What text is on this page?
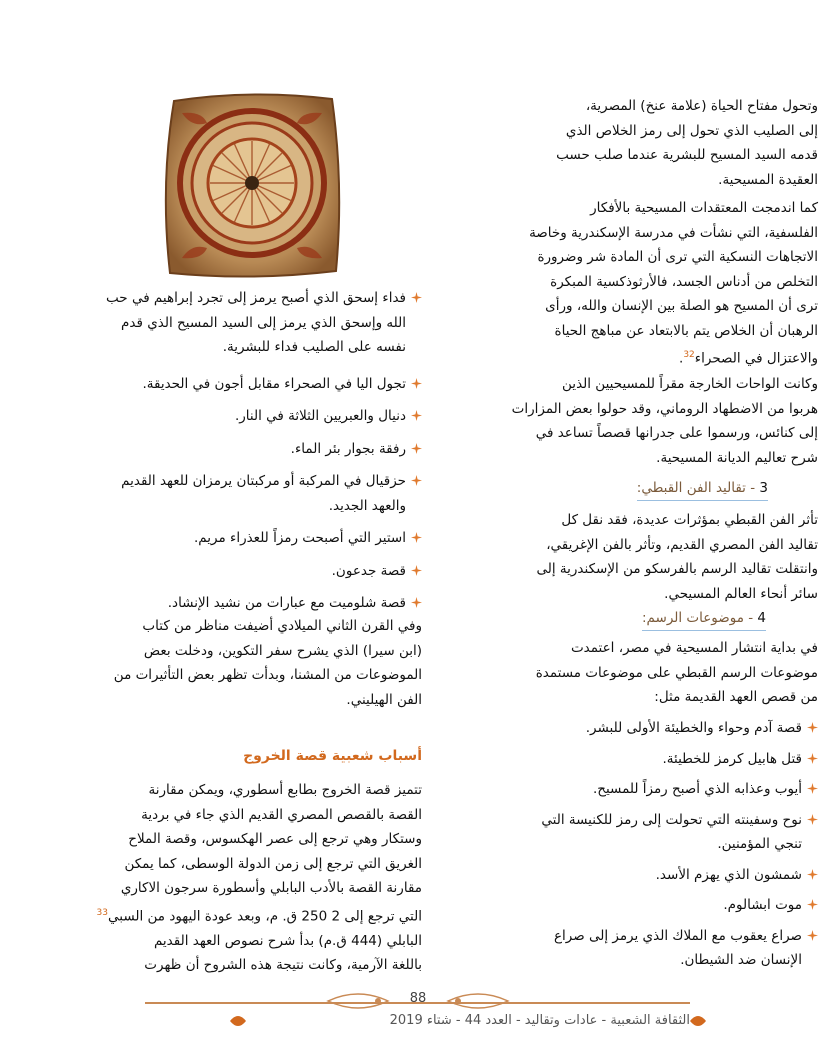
وتحول مفتاح الحياة (علامة عنخ) المصرية،
إلى الصليب الذي تحول إلى رمز الخلاص الذي
قدمه السيد المسيح للبشرية عندما صلب حسب
العقيدة المسيحية.
كما اندمجت المعتقدات المسيحية بالأفكار
الفلسفية، التي نشأت في مدرسة الإسكندرية وخاصة
الاتجاهات النسكية التي ترى أن المادة شر وضرورة
التخلص من أدناس الجسد، فالأرثوذكسية المبكرة
ترى أن المسيح هو الصلة بين الإنسان والله، ورأى
الرهبان أن الخلاص يتم بالابتعاد عن مباهج الحياة
والاعتزال في الصحراء$^{32}$.
وكانت الواحات الخارجة مقراً للمسيحيين الذين
هربوا من الاضطهاد الروماني، وقد حولوا بعض المزارات
إلى كنائس، ورسموا على جدرانها قصصاً تساعد في
شرح تعاليم الديانة المسيحية.
3 - تقاليد الفن القبطي:
تأثر الفن القبطي بمؤثرات عديدة، فقد نقل كل
تقاليد الفن المصري القديم، وتأثر بالفن الإغريقي،
وانتقلت تقاليد الرسم بالفرسكو من الإسكندرية إلى
سائر أنحاء العالم المسيحي.
4 - موضوعات الرسم:
في بداية انتشار المسيحية في مصر، اعتمدت
موضوعات الرسم القبطي على موضوعات مستمدة
من قصص العهد القديمة مثل:
قصة آدم وحواء والخطيئة الأولى للبشر.
قتل هابيل كرمز للخطيئة.
أيوب وعذابه الذي أصبح رمزاً للمسيح.
نوح وسفينته التي تحولت إلى رمز للكنيسة التي
تنجي المؤمنين.
شمشون الذي يهزم الأسد.
موت ابشالوم.
صراع يعقوب مع الملاك الذي يرمز إلى صراع
الإنسان ضد الشيطان.
فداء إسحق الذي أصبح يرمز إلى تجرد إبراهيم في حب
الله وإسحق الذي يرمز إلى السيد المسيح الذي قدم
نفسه على الصليب فداء للبشرية.
تجول اليا في الصحراء مقابل أجون في الحديقة.
دنيال والعبريين الثلاثة في النار.
رفقة بجوار بئر الماء.
حزقيال في المركبة أو مركبتان يرمزان للعهد القديم
والعهد الجديد.
استير التي أصبحت رمزاً للعذراء مريم.
قصة جدعون.
قصة شلوميت مع عبارات من نشيد الإنشاد.
وفي القرن الثاني الميلادي أضيفت مناظر من كتاب
(ابن سيرا) الذي يشرح سفر التكوين، ودخلت بعض
الموضوعات من المشنا، وبدأت تظهر بعض التأثيرات من
الفن الهيليني.
أسباب شعبية قصة الخروج
تتميز قصة الخروج بطابع أسطوري، ويمكن مقارنة
القصة بالقصص المصري القديم الذي جاء في بردية
وستكار وهي ترجع إلى عصر الهكسوس، وقصة الملاح
الغريق التي ترجع إلى زمن الدولة الوسطى، كما يمكن
مقارنة القصة بالأدب البابلي وأسطورة سرجون الاكاري
التي ترجع إلى 2 250 ق. م، وبعد عودة اليهود من السبي$^{33}$
البابلي (444 ق.م) بدأ شرح نصوص العهد القديم
باللغة الآرمية، وكانت نتيجة هذه الشروح أن ظهرت
88
الثقافة الشعبية - عادات وتقاليد - العدد 44 - شتاء 2019
